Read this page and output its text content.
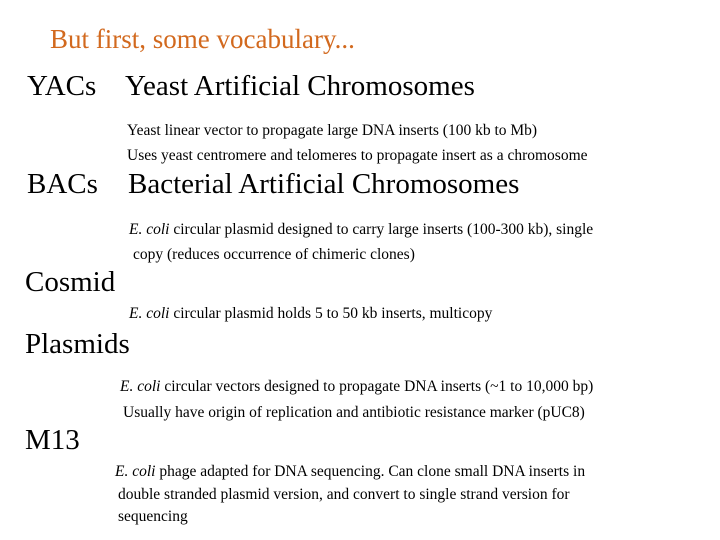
But first, some vocabulary...
YACs Yeast Artificial Chromosomes
Yeast linear vector to propagate large DNA inserts (100 kb to Mb)
Uses yeast centromere and telomeres to propagate insert as a chromosome
BACs Bacterial Artificial Chromosomes
E. coli circular plasmid designed to carry large inserts (100-300 kb), single
copy (reduces occurrence of chimeric clones)
Cosmid
E. coli circular plasmid holds 5 to 50 kb inserts, multicopy
Plasmids
E. coli circular vectors designed to propagate DNA inserts (~1 to 10,000 bp)
Usually have origin of replication and antibiotic resistance marker (pUC8)
M13
E. coli phage adapted for DNA sequencing. Can clone small DNA inserts in
double stranded plasmid version, and convert to single strand version for
sequencing
